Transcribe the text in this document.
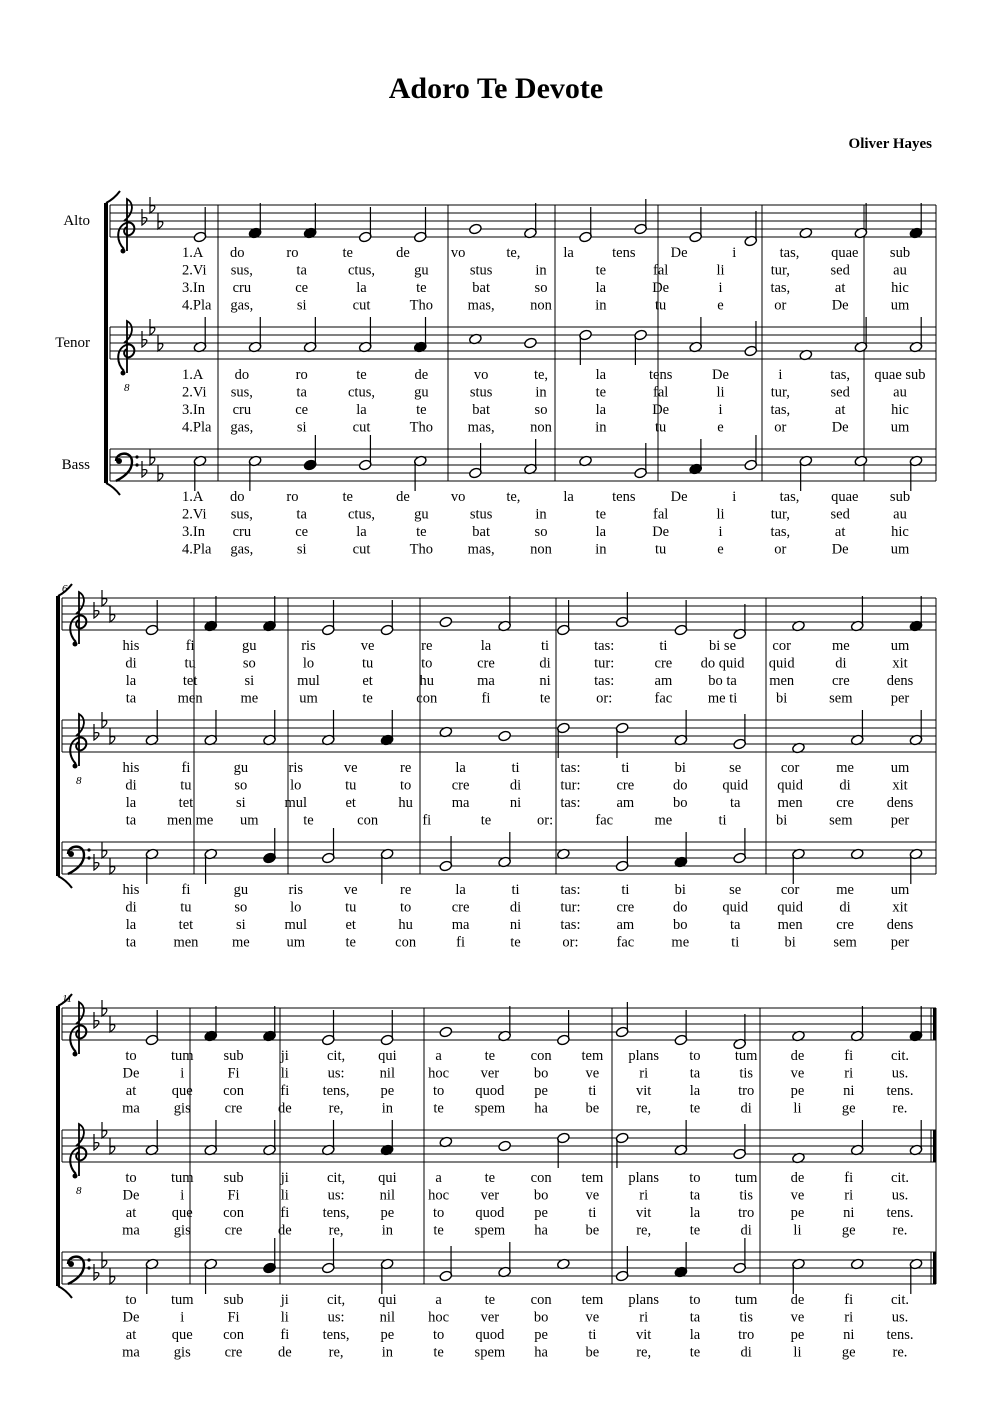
Adoro Te Devote
Oliver Hayes
Alto
1.A do	ro	te	de	vo	te,	la	tens De	i	tas, quae sub
2.Vi sus,	ta	ctus,	gu	stus	in	te	fal	li	tur,	sed	au
3.In cru	ce	la	te	bat	so	la	De	i	tas,	at	hic
4.Pla gas,	si	cut	Tho mas, non	in	tu	e	or	De	um
8
Tenor
1.A do	ro	te	de	vo	te,	la	tens	De	i	tas, quae sub
2.Vi sus,	ta	ctus,	gu	stus	in	te	fal	li	tur,	sed	au
3.In cru	ce	la	te	bat	so	la	De	i	tas,	at	hic
4.Pla gas,	si	cut	Tho mas, non	in	tu	e	or	De	um
Bass
1.A do	ro	te	de	vo	te,	la	tens De	i	tas, quae sub
2.Vi sus,	ta	ctus,	gu	stus	in	te	fal	li	tur,	sed	au
3.In cru	ce	la	te	bat	so	la	De	i	tas,	at	hic
4.Pla gas,	si	cut	Tho mas, non	in	tu	e	or	De	um
6
his	fi	gu	ris	ve	re	la	ti	tas:	ti	bi se	cor	me	um
di	tu	so	lo	tu	to	cre	di	tur:	cre do quid quid	di	xit
la	tet	si	mul	et	hu	ma	ni	tas:	am bo ta men	cre	dens
ta	men	me	um	te	con	fi	te	or:	fac me ti	bi	sem	per
8
his	fi	gu	ris	ve	re	la	ti	tas:	ti	bi	se	cor	me	um
di	tu	so	lo	tu	to	cre	di	tur: cre	do quid quid	di	xit
la	tet	si	mul	et	hu	ma	ni	tas: am	bo	ta	men cre dens
ta men me um	te	con	fi	te	or:	fac	me	ti	bi	sem	per
his	fi	gu	ris	ve	re	la	ti	tas:	ti	bi	se	cor	me	um
di	tu	so	lo	tu	to	cre	di	tur: cre	do quid quid	di	xit
la	tet	si	mul	et	hu	ma	ni	tas: am	bo	ta	men cre dens
ta	men me	um	te	con	fi	te	or:	fac	me	ti	bi	sem per
11
to tum sub	ji	cit, qui	a	te con tem plans to tum de	fi	cit.
De	i	Fi	li	us: nil hoc ver bo	ve	ri	ta	tis	ve	ri	us.
at que con	fi tens, pe	to quod pe	ti	vit	la	tro	pe	ni tens.
ma gis cre de	re,	in	te spem ha	be	re,	te	di	li	ge	re.
8
to tum sub	ji	cit, qui	a	te con tem plans to tum de	fi	cit.
De	i	Fi	li	us: nil hoc ver bo	ve	ri	ta	tis	ve	ri	us.
at que con	fi tens, pe	to quod pe	ti	vit	la	tro	pe	ni tens.
ma gis cre de	re,	in	te spem ha	be	re,	te	di	li	ge	re.
to tum sub	ji	cit, qui	a	te con tem plans to tum de	fi	cit.
De	i	Fi	li	us: nil hoc ver bo	ve	ri	ta	tis	ve	ri	us.
at que con	fi tens, pe	to quod pe	ti	vit	la	tro	pe	ni tens.
ma gis cre de	re,	in	te spem ha	be	re,	te	di	li	ge	re.
